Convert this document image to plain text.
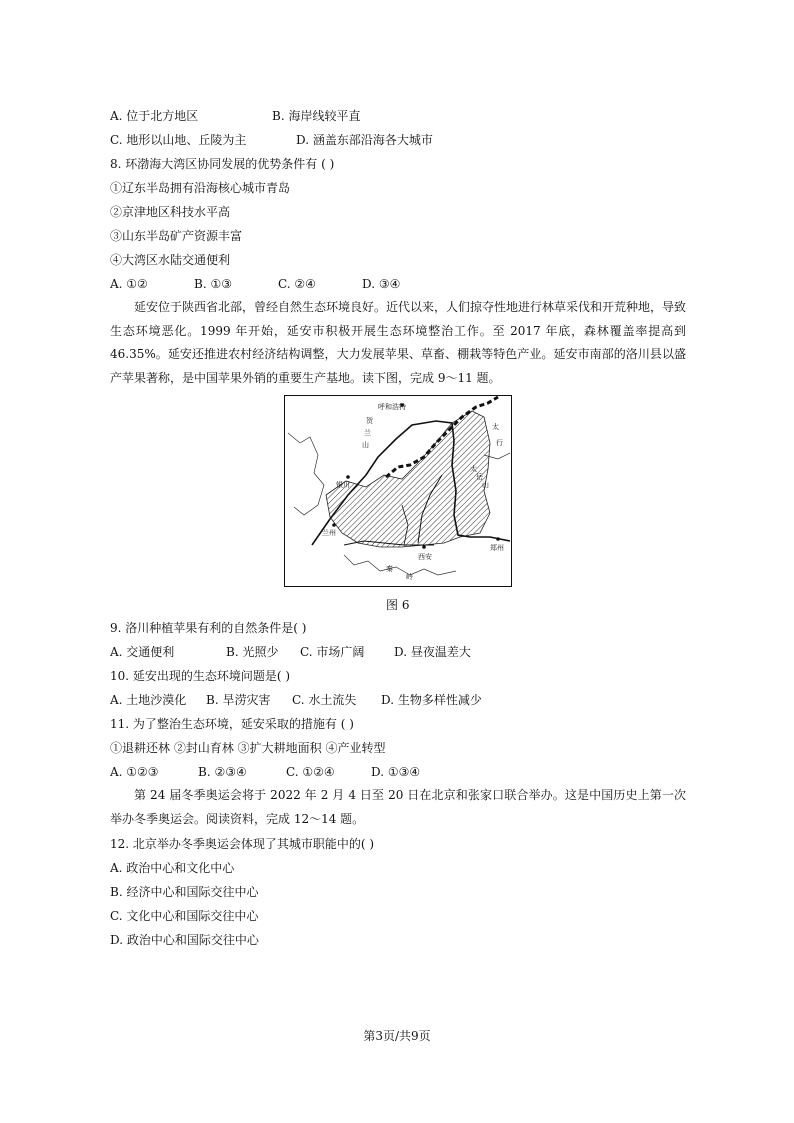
A. 位于北方地区	B. 海岸线较平直
C. 地形以山地、丘陵为主	D. 涵盖东部沿海各大城市
8. 环渤海大湾区协同发展的优势条件有 ( )
①辽东半岛拥有沿海核心城市青岛
②京津地区科技水平高
③山东半岛矿产资源丰富
④大湾区水陆交通便利
A. ①②	B. ①③	C. ②④	D. ③④
延安位于陕西省北部，曾经自然生态环境良好。近代以来，人们掠夺性地进行林草采伐和开荒种地，导致生态环境恶化。1999 年开始，延安市积极开展生态环境整治工作。至 2017 年底，森林覆盖率提高到46.35%。延安还推进农村经济结构调整，大力发展苹果、草畜、棚栽等特色产业。延安市南部的洛川县以盛产苹果著称，是中国苹果外销的重要生产基地。读下图，完成 9～11 题。
呼和浩特
银川
兰州
西安
郑州
贺
兰
山
太
行
太
岳
山
秦
岭
图 6
9. 洛川种植苹果有利的自然条件是( )
A. 交通便利	B. 光照少 C. 市场广阔 D. 昼夜温差大
10. 延安出现的生态环境问题是( )
A. 土地沙漠化 B. 旱涝灾害 C. 水土流失 D. 生物多样性减少
11. 为了整治生态环境，延安采取的措施有 ( )
①退耕还林 ②封山育林 ③扩大耕地面积 ④产业转型
A. ①②③	B. ②③④	C. ①②④	D. ①③④
第 24 届冬季奥运会将于 2022 年 2 月 4 日至 20 日在北京和张家口联合举办。这是中国历史上第一次举办冬季奥运会。阅读资料，完成 12～14 题。
12. 北京举办冬季奥运会体现了其城市职能中的( )
A. 政治中心和文化中心
B. 经济中心和国际交往中心
C. 文化中心和国际交往中心
D. 政治中心和国际交往中心
第3页/共9页
